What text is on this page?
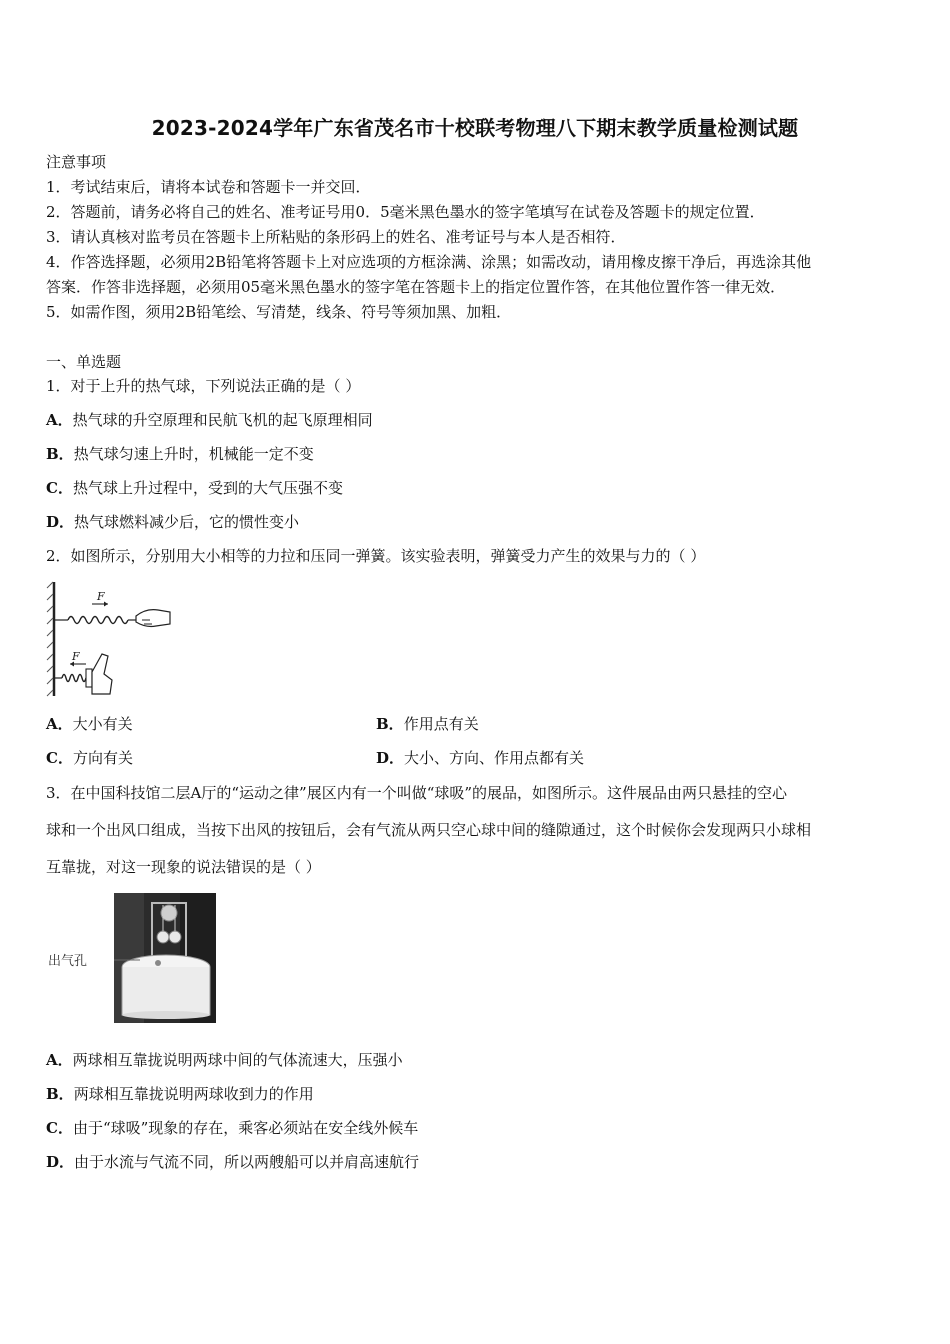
2023-2024学年广东省茂名市十校联考物理八下期末教学质量检测试题
注意事项
1．考试结束后，请将本试卷和答题卡一并交回．
2．答题前，请务必将自己的姓名、准考证号用0．5毫米黑色墨水的签字笔填写在试卷及答题卡的规定位置．
3．请认真核对监考员在答题卡上所粘贴的条形码上的姓名、准考证号与本人是否相符．
4．作答选择题，必须用2B铅笔将答题卡上对应选项的方框涂满、涂黑；如需改动，请用橡皮擦干净后，再选涂其他
答案．作答非选择题，必须用05毫米黑色墨水的签字笔在答题卡上的指定位置作答，在其他位置作答一律无效．
5．如需作图，须用2B铅笔绘、写清楚，线条、符号等须加黑、加粗．
一、单选题
1．对于上升的热气球，下列说法正确的是（ ）
A．热气球的升空原理和民航飞机的起飞原理相同
B．热气球匀速上升时，机械能一定不变
C．热气球上升过程中，受到的大气压强不变
D．热气球燃料减少后，它的惯性变小
2．如图所示，分别用大小相等的力拉和压同一弹簧。该实验表明，弹簧受力产生的效果与力的（ ）
F
F
A．大小有关	B．作用点有关
C．方向有关	D．大小、方向、作用点都有关
3．在中国科技馆二层A厅的“运动之律”展区内有一个叫做“球吸”的展品，如图所示。这件展品由两只悬挂的空心
球和一个出风口组成，当按下出风的按钮后，会有气流从两只空心球中间的缝隙通过，这个时候你会发现两只小球相
互靠拢，对这一现象的说法错误的是（ ）
出气孔
A．两球相互靠拢说明两球中间的气体流速大，压强小
B．两球相互靠拢说明两球收到力的作用
C．由于“球吸”现象的存在，乘客必须站在安全线外候车
D．由于水流与气流不同，所以两艘船可以并肩高速航行
